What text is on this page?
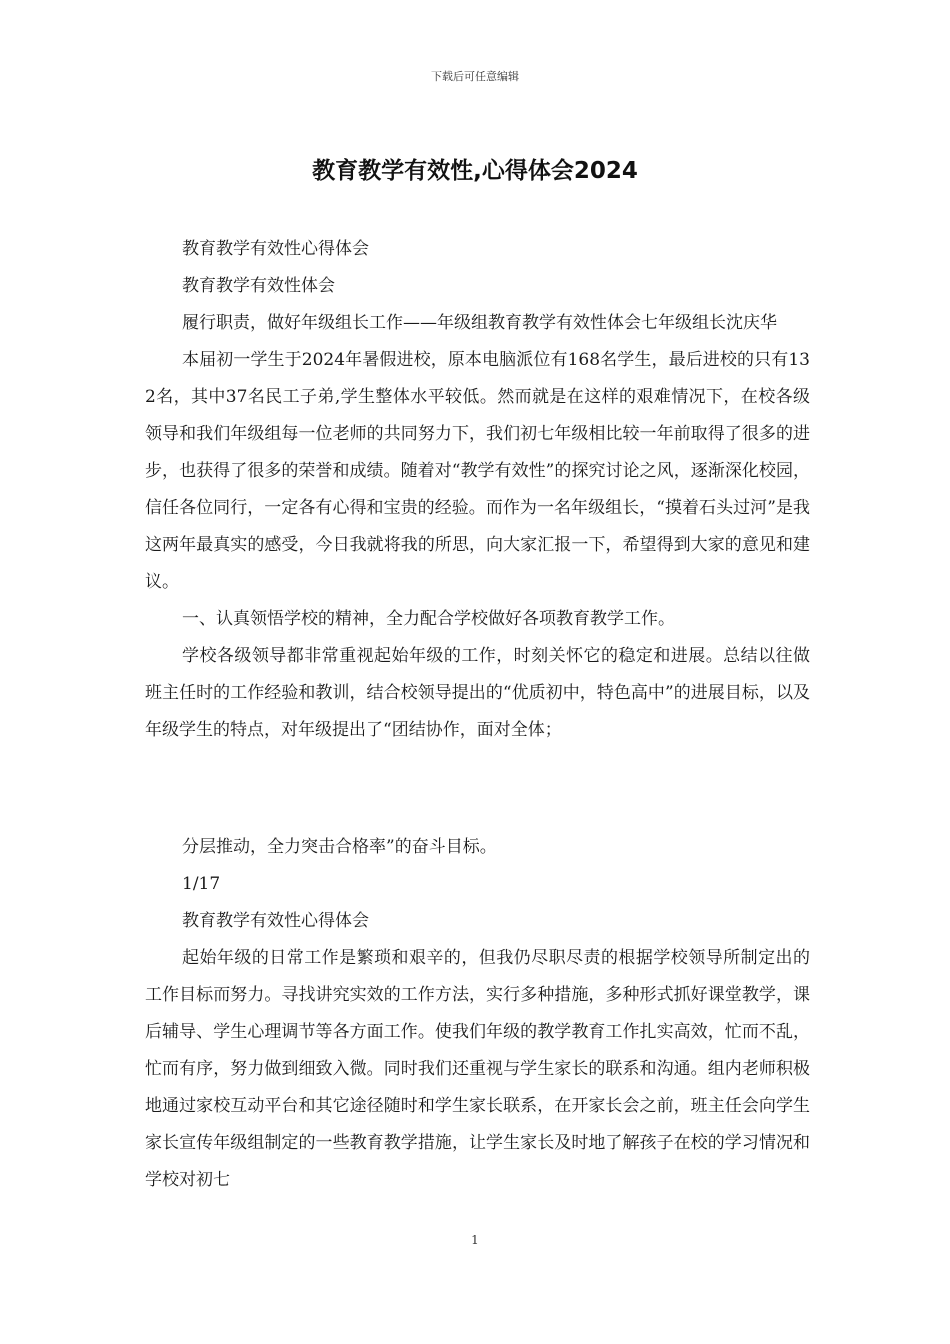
下载后可任意编辑
教育教学有效性,心得体会2024

教育教学有效性心得体会

教育教学有效性体会

履行职责，做好年级组长工作——年级组教育教学有效性体会七年级组长沈庆华

本届初一学生于2024年暑假进校，原本电脑派位有168名学生，最后进校的只有132名，其中37名民工子弟,学生整体水平较低。然而就是在这样的艰难情况下，在校各级领导和我们年级组每一位老师的共同努力下，我们初七年级相比较一年前取得了很多的进步，也获得了很多的荣誉和成绩。随着对“教学有效性”的探究讨论之风，逐渐深化校园，信任各位同行，一定各有心得和宝贵的经验。而作为一名年级组长，“摸着石头过河”是我这两年最真实的感受，今日我就将我的所思，向大家汇报一下，希望得到大家的意见和建议。

一、认真领悟学校的精神，全力配合学校做好各项教育教学工作。

学校各级领导都非常重视起始年级的工作，时刻关怀它的稳定和进展。总结以往做班主任时的工作经验和教训，结合校领导提出的“优质初中，特色高中”的进展目标，以及年级学生的特点，对年级提出了“团结协作，面对全体；

分层推动，全力突击合格率”的奋斗目标。

1/17

教育教学有效性心得体会

起始年级的日常工作是繁琐和艰辛的，但我仍尽职尽责的根据学校领导所制定出的工作目标而努力。寻找讲究实效的工作方法，实行多种措施，多种形式抓好课堂教学，课后辅导、学生心理调节等各方面工作。使我们年级的教学教育工作扎实高效，忙而不乱，忙而有序，努力做到细致入微。同时我们还重视与学生家长的联系和沟通。组内老师积极地通过家校互动平台和其它途径随时和学生家长联系，在开家长会之前，班主任会向学生家长宣传年级组制定的一些教育教学措施，让学生家长及时地了解孩子在校的学习情况和学校对初七

1
